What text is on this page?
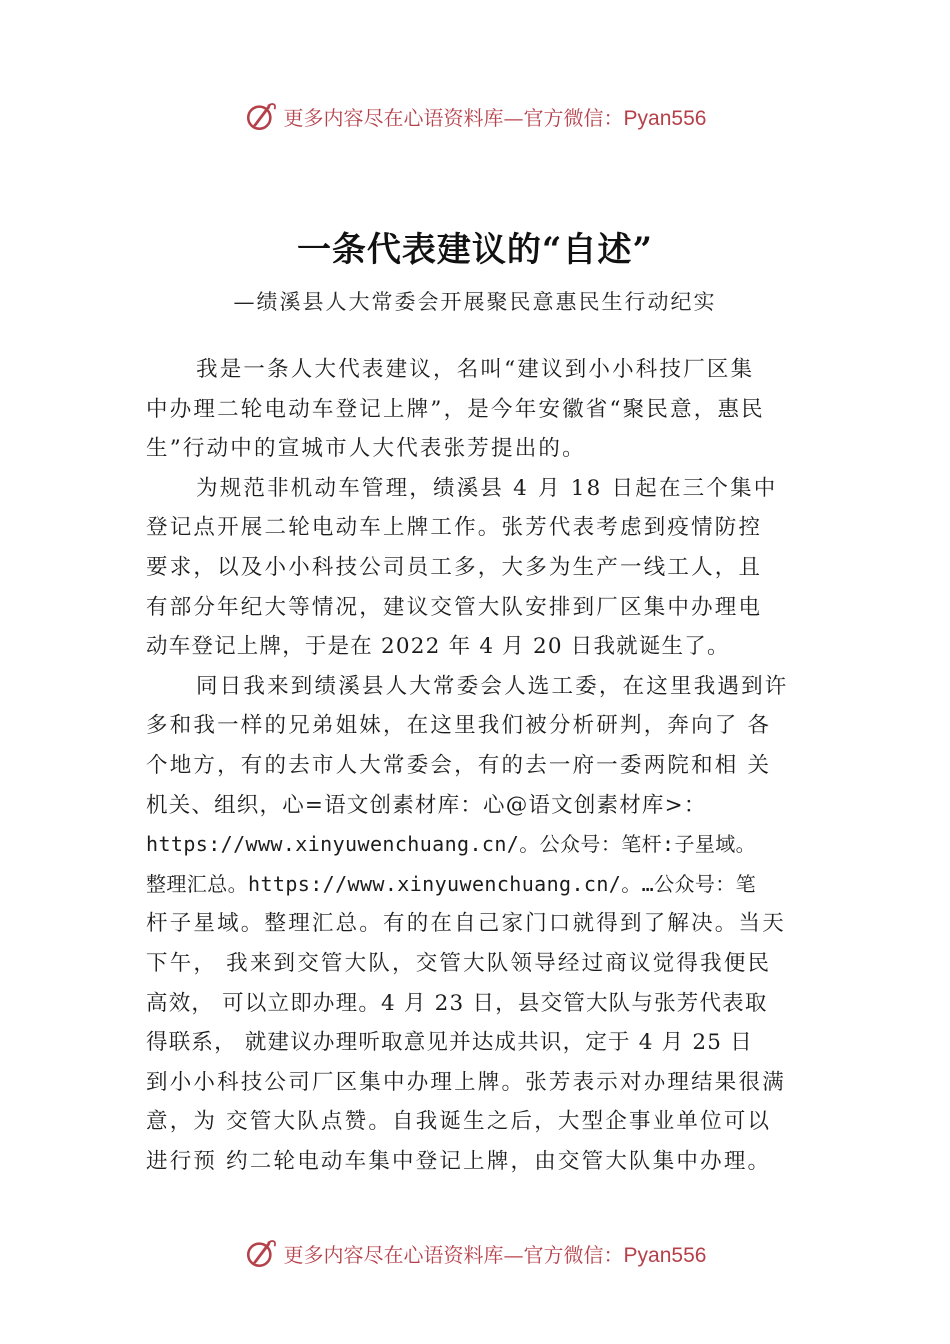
更多内容尽在心语资料库—官方微信：Pyan556
一条代表建议的“自述”
—绩溪县人大常委会开展聚民意惠民生行动纪实
我是一条人大代表建议，名叫“建议到小小科技厂区集
中办理二轮电动车登记上牌”，是今年安徽省“聚民意，惠民
生”行动中的宣城市人大代表张芳提出的。
为规范非机动车管理，绩溪县 4 月 18 日起在三个集中
登记点开展二轮电动车上牌工作。张芳代表考虑到疫情防控
要求，以及小小科技公司员工多，大多为生产一线工人，且
有部分年纪大等情况，建议交管大队安排到厂区集中办理电
动车登记上牌，于是在 2022 年 4 月 20 日我就诞生了。
同日我来到绩溪县人大常委会人选工委，在这里我遇到许
多和我一样的兄弟姐妹，在这里我们被分析研判，奔向了 各
个地方，有的去市人大常委会，有的去一府一委两院和相 关
机关、组织，心=语文创素材库：心@语文创素材库>：
https://www.xinyuwenchuang.cn/。公众号：笔杆:子星域。
整理汇总。https://www.xinyuwenchuang.cn/。…公众号：笔
杆子星域。整理汇总。有的在自己家门口就得到了解决。当天
下午， 我来到交管大队，交管大队领导经过商议觉得我便民
高效， 可以立即办理。4 月 23 日，县交管大队与张芳代表取
得联系， 就建议办理听取意见并达成共识，定于 4 月 25 日
到小小科技公司厂区集中办理上牌。张芳表示对办理结果很满
意，为 交管大队点赞。自我诞生之后，大型企事业单位可以
进行预 约二轮电动车集中登记上牌，由交管大队集中办理。
更多内容尽在心语资料库—官方微信：Pyan556
